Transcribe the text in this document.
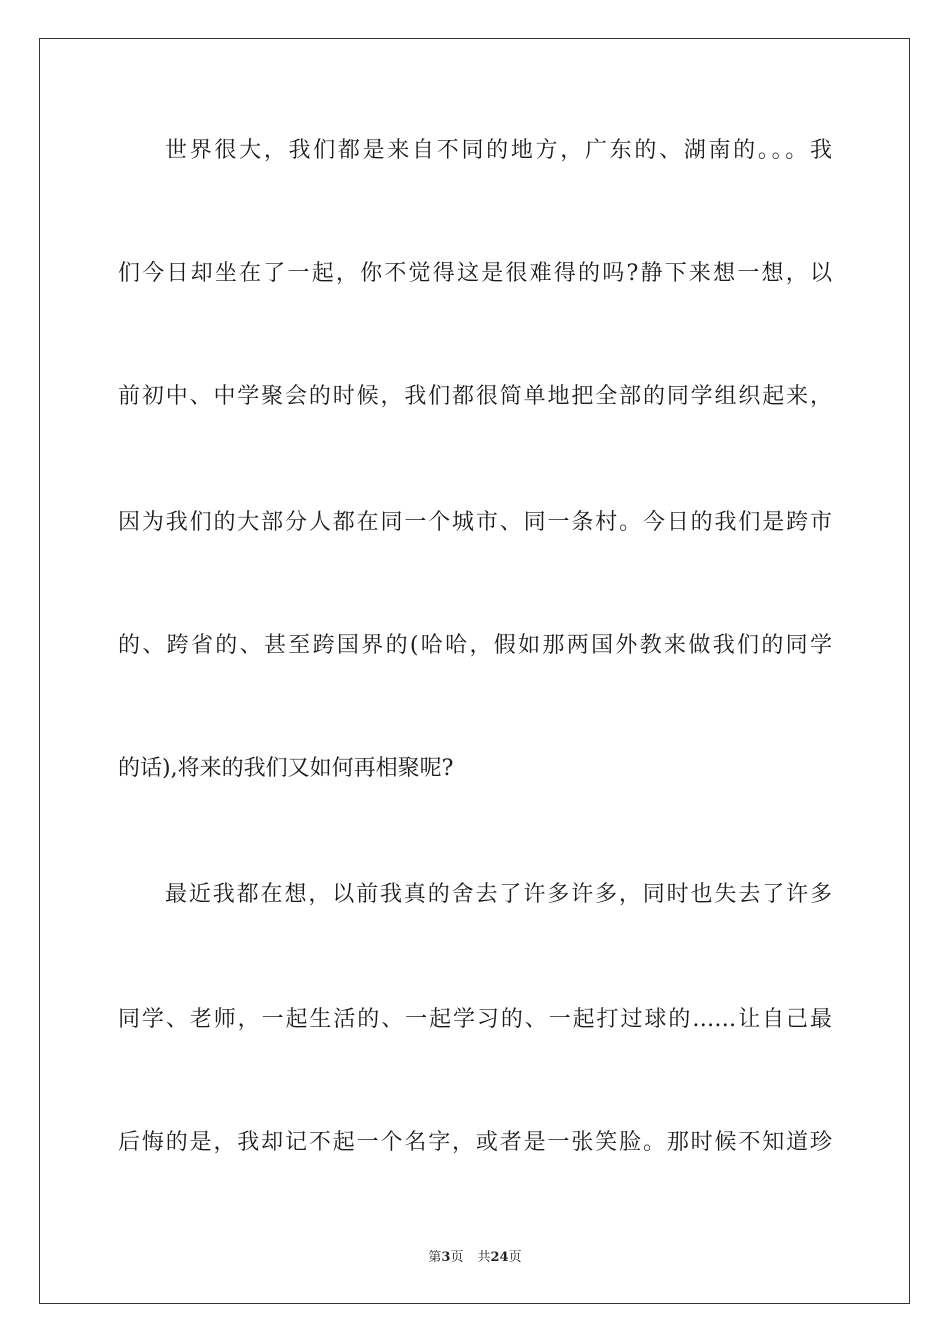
世界很大，我们都是来自不同的地方，广东的、湖南的。。。我
们今日却坐在了一起，你不觉得这是很难得的吗?静下来想一想，以
前初中、中学聚会的时候，我们都很简单地把全部的同学组织起来，
因为我们的大部分人都在同一个城市、同一条村。今日的我们是跨市
的、跨省的、甚至跨国界的(哈哈，假如那两国外教来做我们的同学
的话),将来的我们又如何再相聚呢?
最近我都在想，以前我真的舍去了许多许多，同时也失去了许多
同学、老师，一起生活的、一起学习的、一起打过球的……让自己最
后悔的是，我却记不起一个名字，或者是一张笑脸。那时候不知道珍
第3页 共24页
